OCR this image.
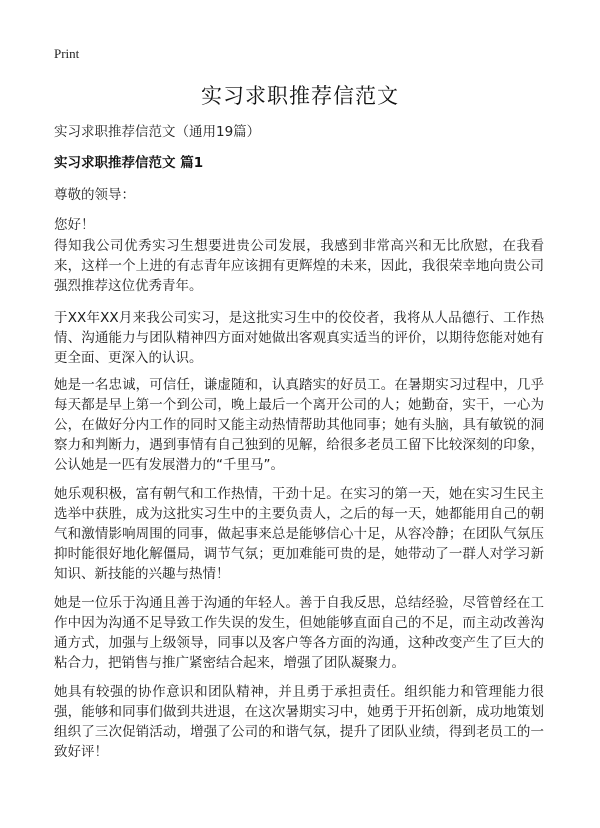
Print
实习求职推荐信范文
实习求职推荐信范文（通用19篇）
实习求职推荐信范文 篇1
尊敬的领导：
您好！

得知我公司优秀实习生想要进贵公司发展，我感到非常高兴和无比欣慰，在我看来，这样一个上进的有志青年应该拥有更辉煌的未来，因此，我很荣幸地向贵公司强烈推荐这位优秀青年。

于XX年XX月来我公司实习，是这批实习生中的佼佼者，我将从人品德行、工作热情、沟通能力与团队精神四方面对她做出客观真实适当的评价，以期待您能对她有更全面、更深入的认识。

她是一名忠诚，可信任，谦虚随和，认真踏实的好员工。在暑期实习过程中，几乎每天都是早上第一个到公司，晚上最后一个离开公司的人；她勤奋，实干，一心为公，在做好分内工作的同时又能主动热情帮助其他同事；她有头脑，具有敏锐的洞察力和判断力，遇到事情有自己独到的见解，给很多老员工留下比较深刻的印象，公认她是一匹有发展潜力的“千里马”。

她乐观积极，富有朝气和工作热情，干劲十足。在实习的第一天，她在实习生民主选举中获胜，成为这批实习生中的主要负责人，之后的每一天，她都能用自己的朝气和激情影响周围的同事，做起事来总是能够信心十足，从容冷静；在团队气氛压抑时能很好地化解僵局，调节气氛；更加难能可贵的是，她带动了一群人对学习新知识、新技能的兴趣与热情！

她是一位乐于沟通且善于沟通的年轻人。善于自我反思，总结经验，尽管曾经在工作中因为沟通不足导致工作失误的发生，但她能够直面自己的不足，而主动改善沟通方式，加强与上级领导，同事以及客户等各方面的沟通，这种改变产生了巨大的粘合力，把销售与推广紧密结合起来，增强了团队凝聚力。

她具有较强的协作意识和团队精神，并且勇于承担责任。组织能力和管理能力很强，能够和同事们做到共进退，在这次暑期实习中，她勇于开拓创新，成功地策划组织了三次促销活动，增强了公司的和谐气氛，提升了团队业绩，得到老员工的一致好评！
